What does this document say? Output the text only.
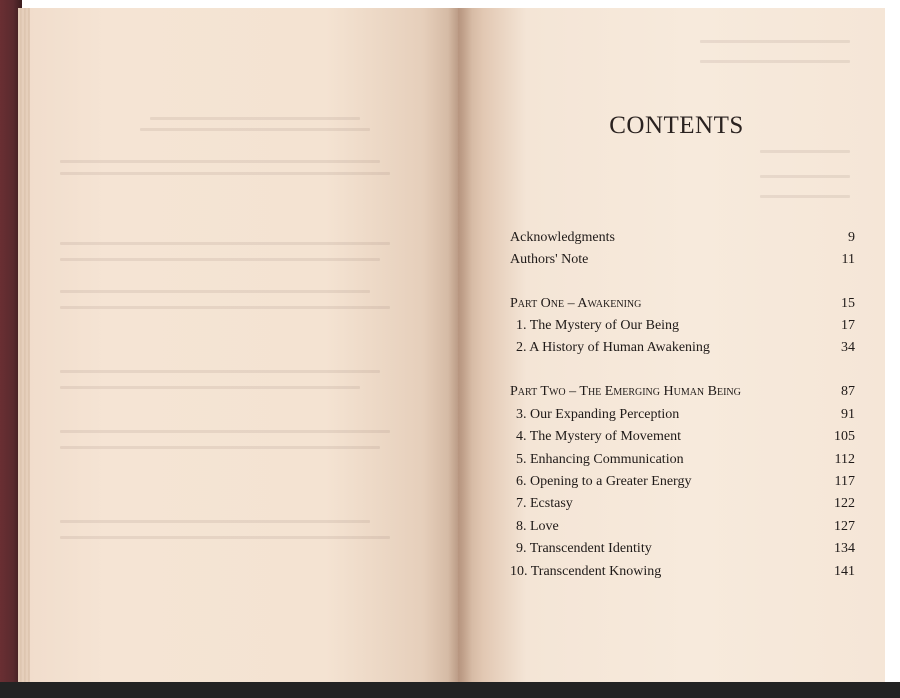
CONTENTS
Acknowledgments	9
Authors' Note	11
Part One – Awakening	15
1. The Mystery of Our Being	17
2. A History of Human Awakening	34
Part Two – The Emerging Human Being	87
3. Our Expanding Perception	91
4. The Mystery of Movement	105
5. Enhancing Communication	112
6. Opening to a Greater Energy	117
7. Ecstasy	122
8. Love	127
9. Transcendent Identity	134
10. Transcendent Knowing	141
